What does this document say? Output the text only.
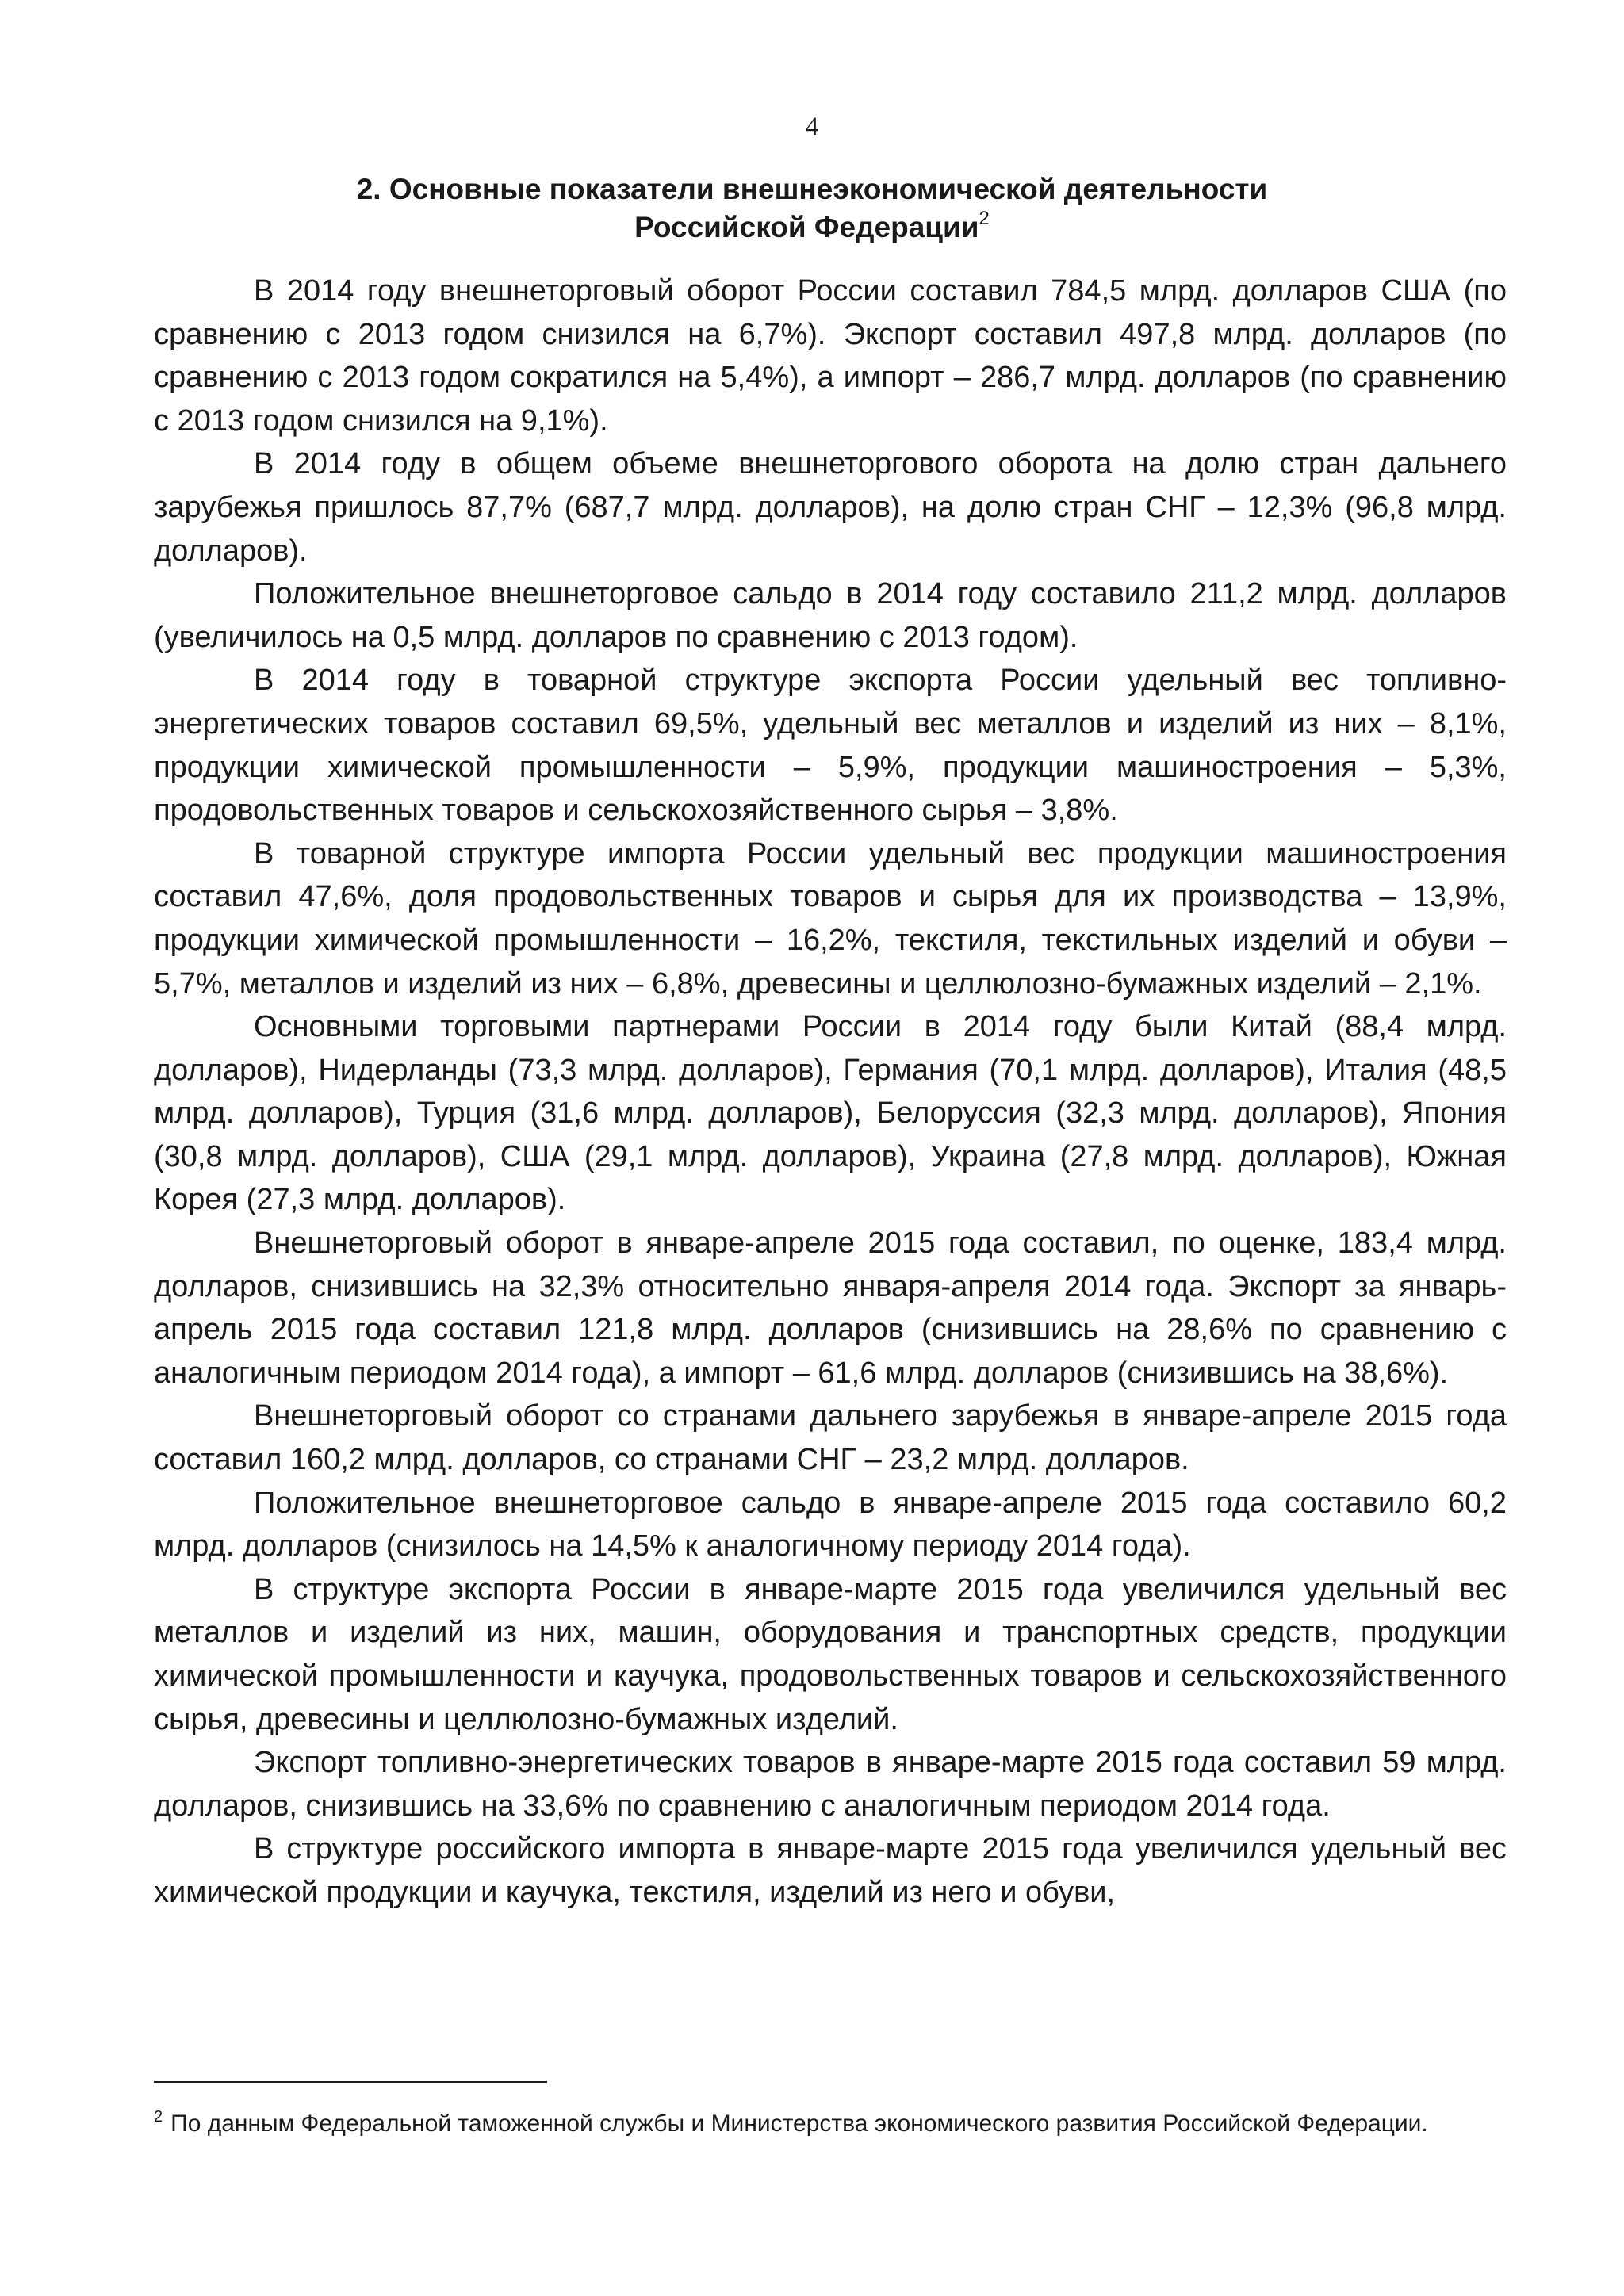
4
2. Основные показатели внешнеэкономической деятельности
Российской Федерации$^2$

В 2014 году внешнеторговый оборот России составил 784,5 млрд. долларов США (по сравнению с 2013 годом снизился на 6,7%). Экспорт составил 497,8 млрд. долларов (по сравнению с 2013 годом сократился на 5,4%), а импорт – 286,7 млрд. долларов (по сравнению с 2013 годом снизился на 9,1%).

В 2014 году в общем объеме внешнеторгового оборота на долю стран дальнего зарубежья пришлось 87,7% (687,7 млрд. долларов), на долю стран СНГ – 12,3% (96,8 млрд. долларов).

Положительное внешнеторговое сальдо в 2014 году составило 211,2 млрд. долларов (увеличилось на 0,5 млрд. долларов по сравнению с 2013 годом).

В 2014 году в товарной структуре экспорта России удельный вес топливно-энергетических товаров составил 69,5%, удельный вес металлов и изделий из них – 8,1%, продукции химической промышленности – 5,9%, продукции машиностроения – 5,3%, продовольственных товаров и сельскохозяйственного сырья – 3,8%.

В товарной структуре импорта России удельный вес продукции машиностроения составил 47,6%, доля продовольственных товаров и сырья для их производства – 13,9%, продукции химической промышленности – 16,2%, текстиля, текстильных изделий и обуви – 5,7%, металлов и изделий из них – 6,8%, древесины и целлюлозно-бумажных изделий – 2,1%.

Основными торговыми партнерами России в 2014 году были Китай (88,4 млрд. долларов), Нидерланды (73,3 млрд. долларов), Германия (70,1 млрд. долларов), Италия (48,5 млрд. долларов), Турция (31,6 млрд. долларов), Белоруссия (32,3 млрд. долларов), Япония (30,8 млрд. долларов), США (29,1 млрд. долларов), Украина (27,8 млрд. долларов), Южная Корея (27,3 млрд. долларов).

Внешнеторговый оборот в январе-апреле 2015 года составил, по оценке, 183,4 млрд. долларов, снизившись на 32,3% относительно января-апреля 2014 года. Экспорт за январь-апрель 2015 года составил 121,8 млрд. долларов (снизившись на 28,6% по сравнению с аналогичным периодом 2014 года), а импорт – 61,6 млрд. долларов (снизившись на 38,6%).

Внешнеторговый оборот со странами дальнего зарубежья в январе-апреле 2015 года составил 160,2 млрд. долларов, со странами СНГ – 23,2 млрд. долларов.

Положительное внешнеторговое сальдо в январе-апреле 2015 года составило 60,2 млрд. долларов (снизилось на 14,5% к аналогичному периоду 2014 года).

В структуре экспорта России в январе-марте 2015 года увеличился удельный вес металлов и изделий из них, машин, оборудования и транспортных средств, продукции химической промышленности и каучука, продовольственных товаров и сельскохозяйственного сырья, древесины и целлюлозно-бумажных изделий.

Экспорт топливно-энергетических товаров в январе-марте 2015 года составил 59 млрд. долларов, снизившись на 33,6% по сравнению с аналогичным периодом 2014 года.

В структуре российского импорта в январе-марте 2015 года увеличился удельный вес химической продукции и каучука, текстиля, изделий из него и обуви,

$^2$ По данным Федеральной таможенной службы и Министерства экономического развития Российской Федерации.
